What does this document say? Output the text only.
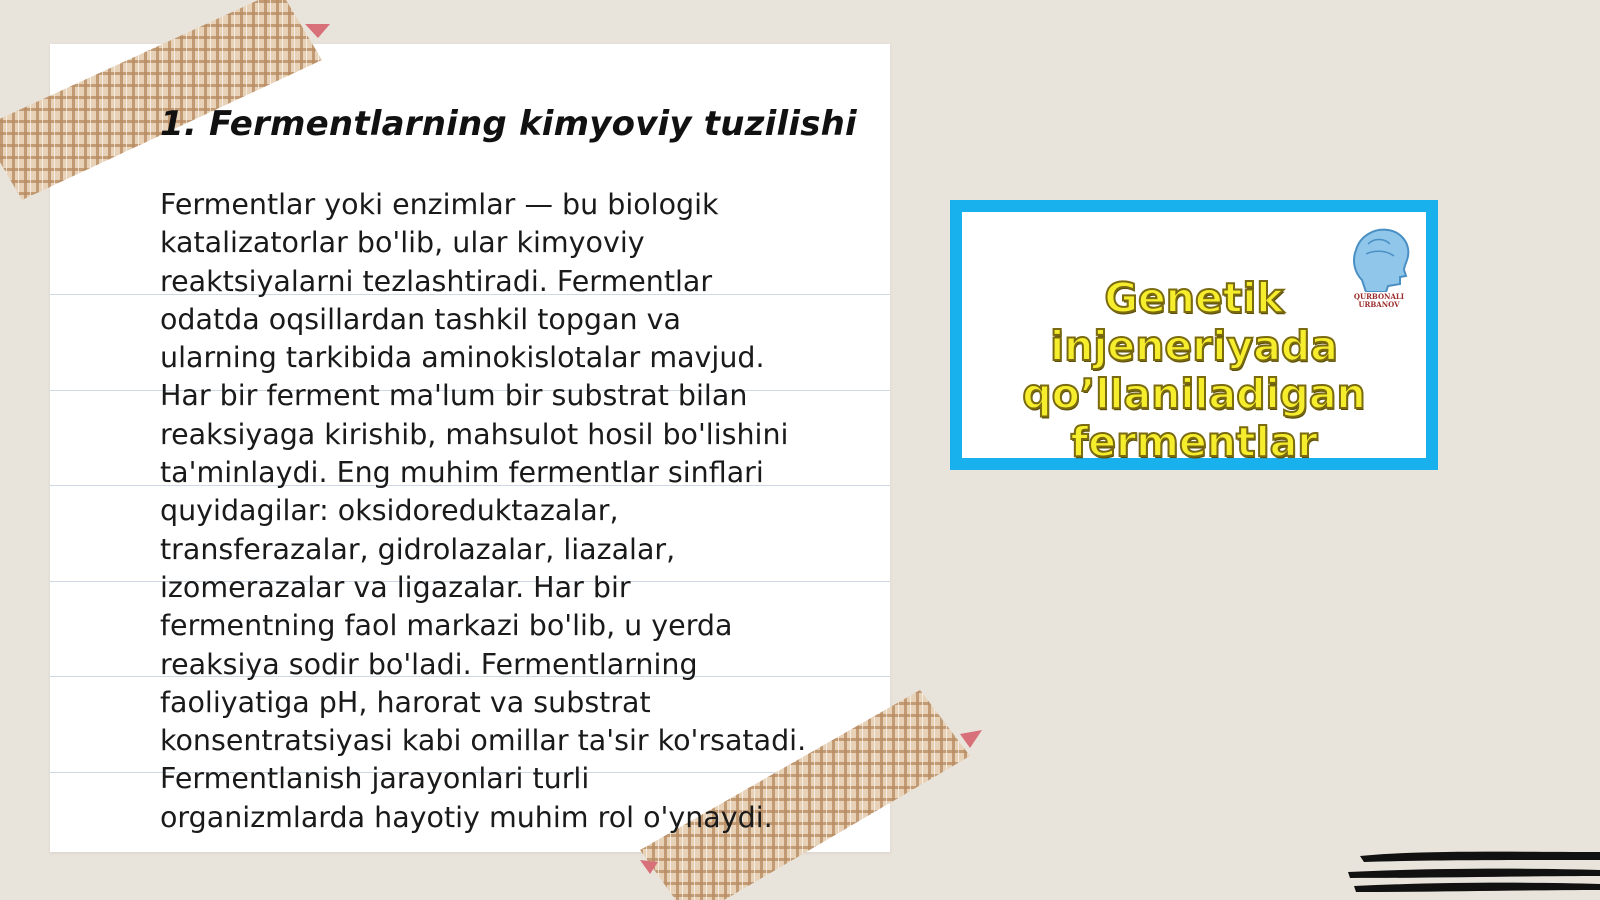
1. Fermentlarning kimyoviy tuzilishi

Fermentlar yoki enzimlar — bu biologik
katalizatorlar bo'lib, ular kimyoviy
reaktsiyalarni tezlashtiradi. Fermentlar
odatda oqsillardan tashkil topgan va
ularning tarkibida aminokislotalar mavjud.
Har bir ferment ma'lum bir substrat bilan
reaksiyaga kirishib, mahsulot hosil bo'lishini
ta'minlaydi. Eng muhim fermentlar sinflari
quyidagilar: oksidoreduktazalar,
transferazalar, gidrolazalar, liazalar,
izomerazalar va ligazalar. Har bir
fermentning faol markazi bo'lib, u yerda
reaksiya sodir bo'ladi. Fermentlarning
faoliyatiga pH, harorat va substrat
konsentratsiyasi kabi omillar ta'sir ko'rsatadi.
Fermentlanish jarayonlari turli
organizmlarda hayotiy muhim rol o'ynaydi.

QURBONALI
URBANOV
Genetik
injeneriyada
qo’llaniladigan
fermentlar
